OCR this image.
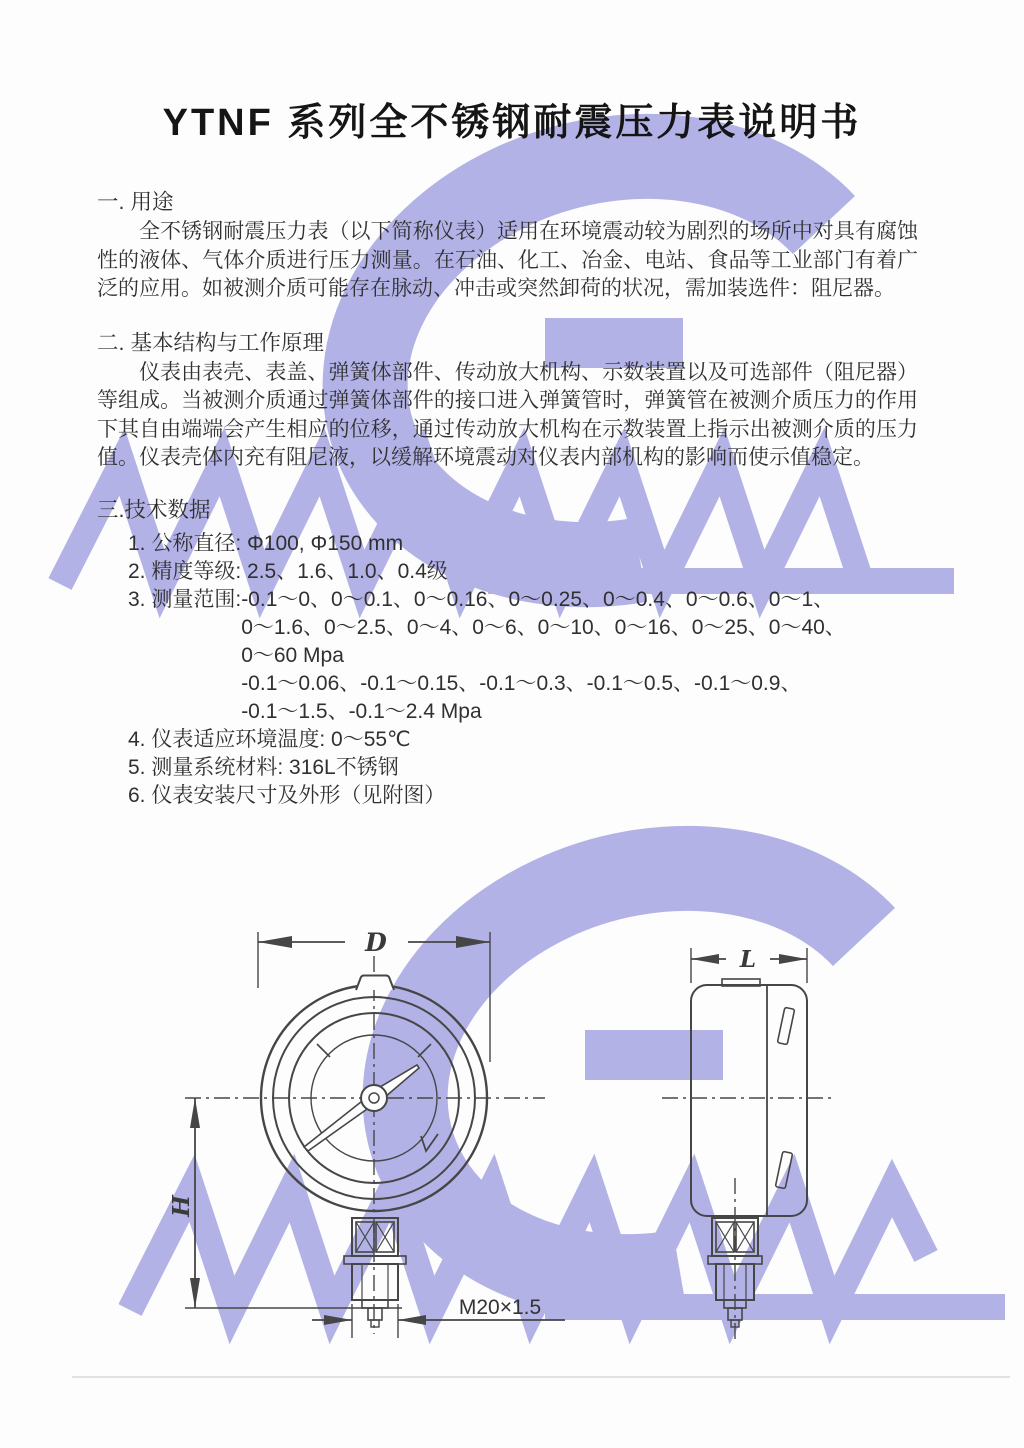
YTNF 系列全不锈钢耐震压力表说明书
一. 用途

全不锈钢耐震压力表（以下简称仪表）适用在环境震动较为剧烈的场所中对具有腐蚀性的液体、气体介质进行压力测量。在石油、化工、冶金、电站、食品等工业部门有着广泛的应用。如被测介质可能存在脉动、冲击或突然卸荷的状况，需加装选件：阻尼器。

二. 基本结构与工作原理

仪表由表壳、表盖、弹簧体部件、传动放大机构、示数装置以及可选部件（阻尼器）等组成。当被测介质通过弹簧体部件的接口进入弹簧管时，弹簧管在被测介质压力的作用下其自由端端会产生相应的位移，通过传动放大机构在示数装置上指示出被测介质的压力值。仪表壳体内充有阻尼液，以缓解环境震动对仪表内部机构的影响而使示值稳定。

三.技术数据
1. 公称直径: Φ100, Φ150 mm
2. 精度等级: 2.5、1.6、1.0、0.4级
3. 测量范围: -0.1～0、0～0.1、0～0.16、0～0.25、0～0.4、0～0.6、0～1、
0～1.6、0～2.5、0～4、0～6、0～10、0～16、0～25、0～40、
0～60 Mpa
-0.1～0.06、-0.1～0.15、-0.1～0.3、-0.1～0.5、-0.1～0.9、
-0.1～1.5、-0.1～2.4 Mpa
4. 仪表适应环境温度: 0～55℃
5. 测量系统材料: 316L不锈钢
6. 仪表安装尺寸及外形（见附图）
D
H
M20×1.5
L
